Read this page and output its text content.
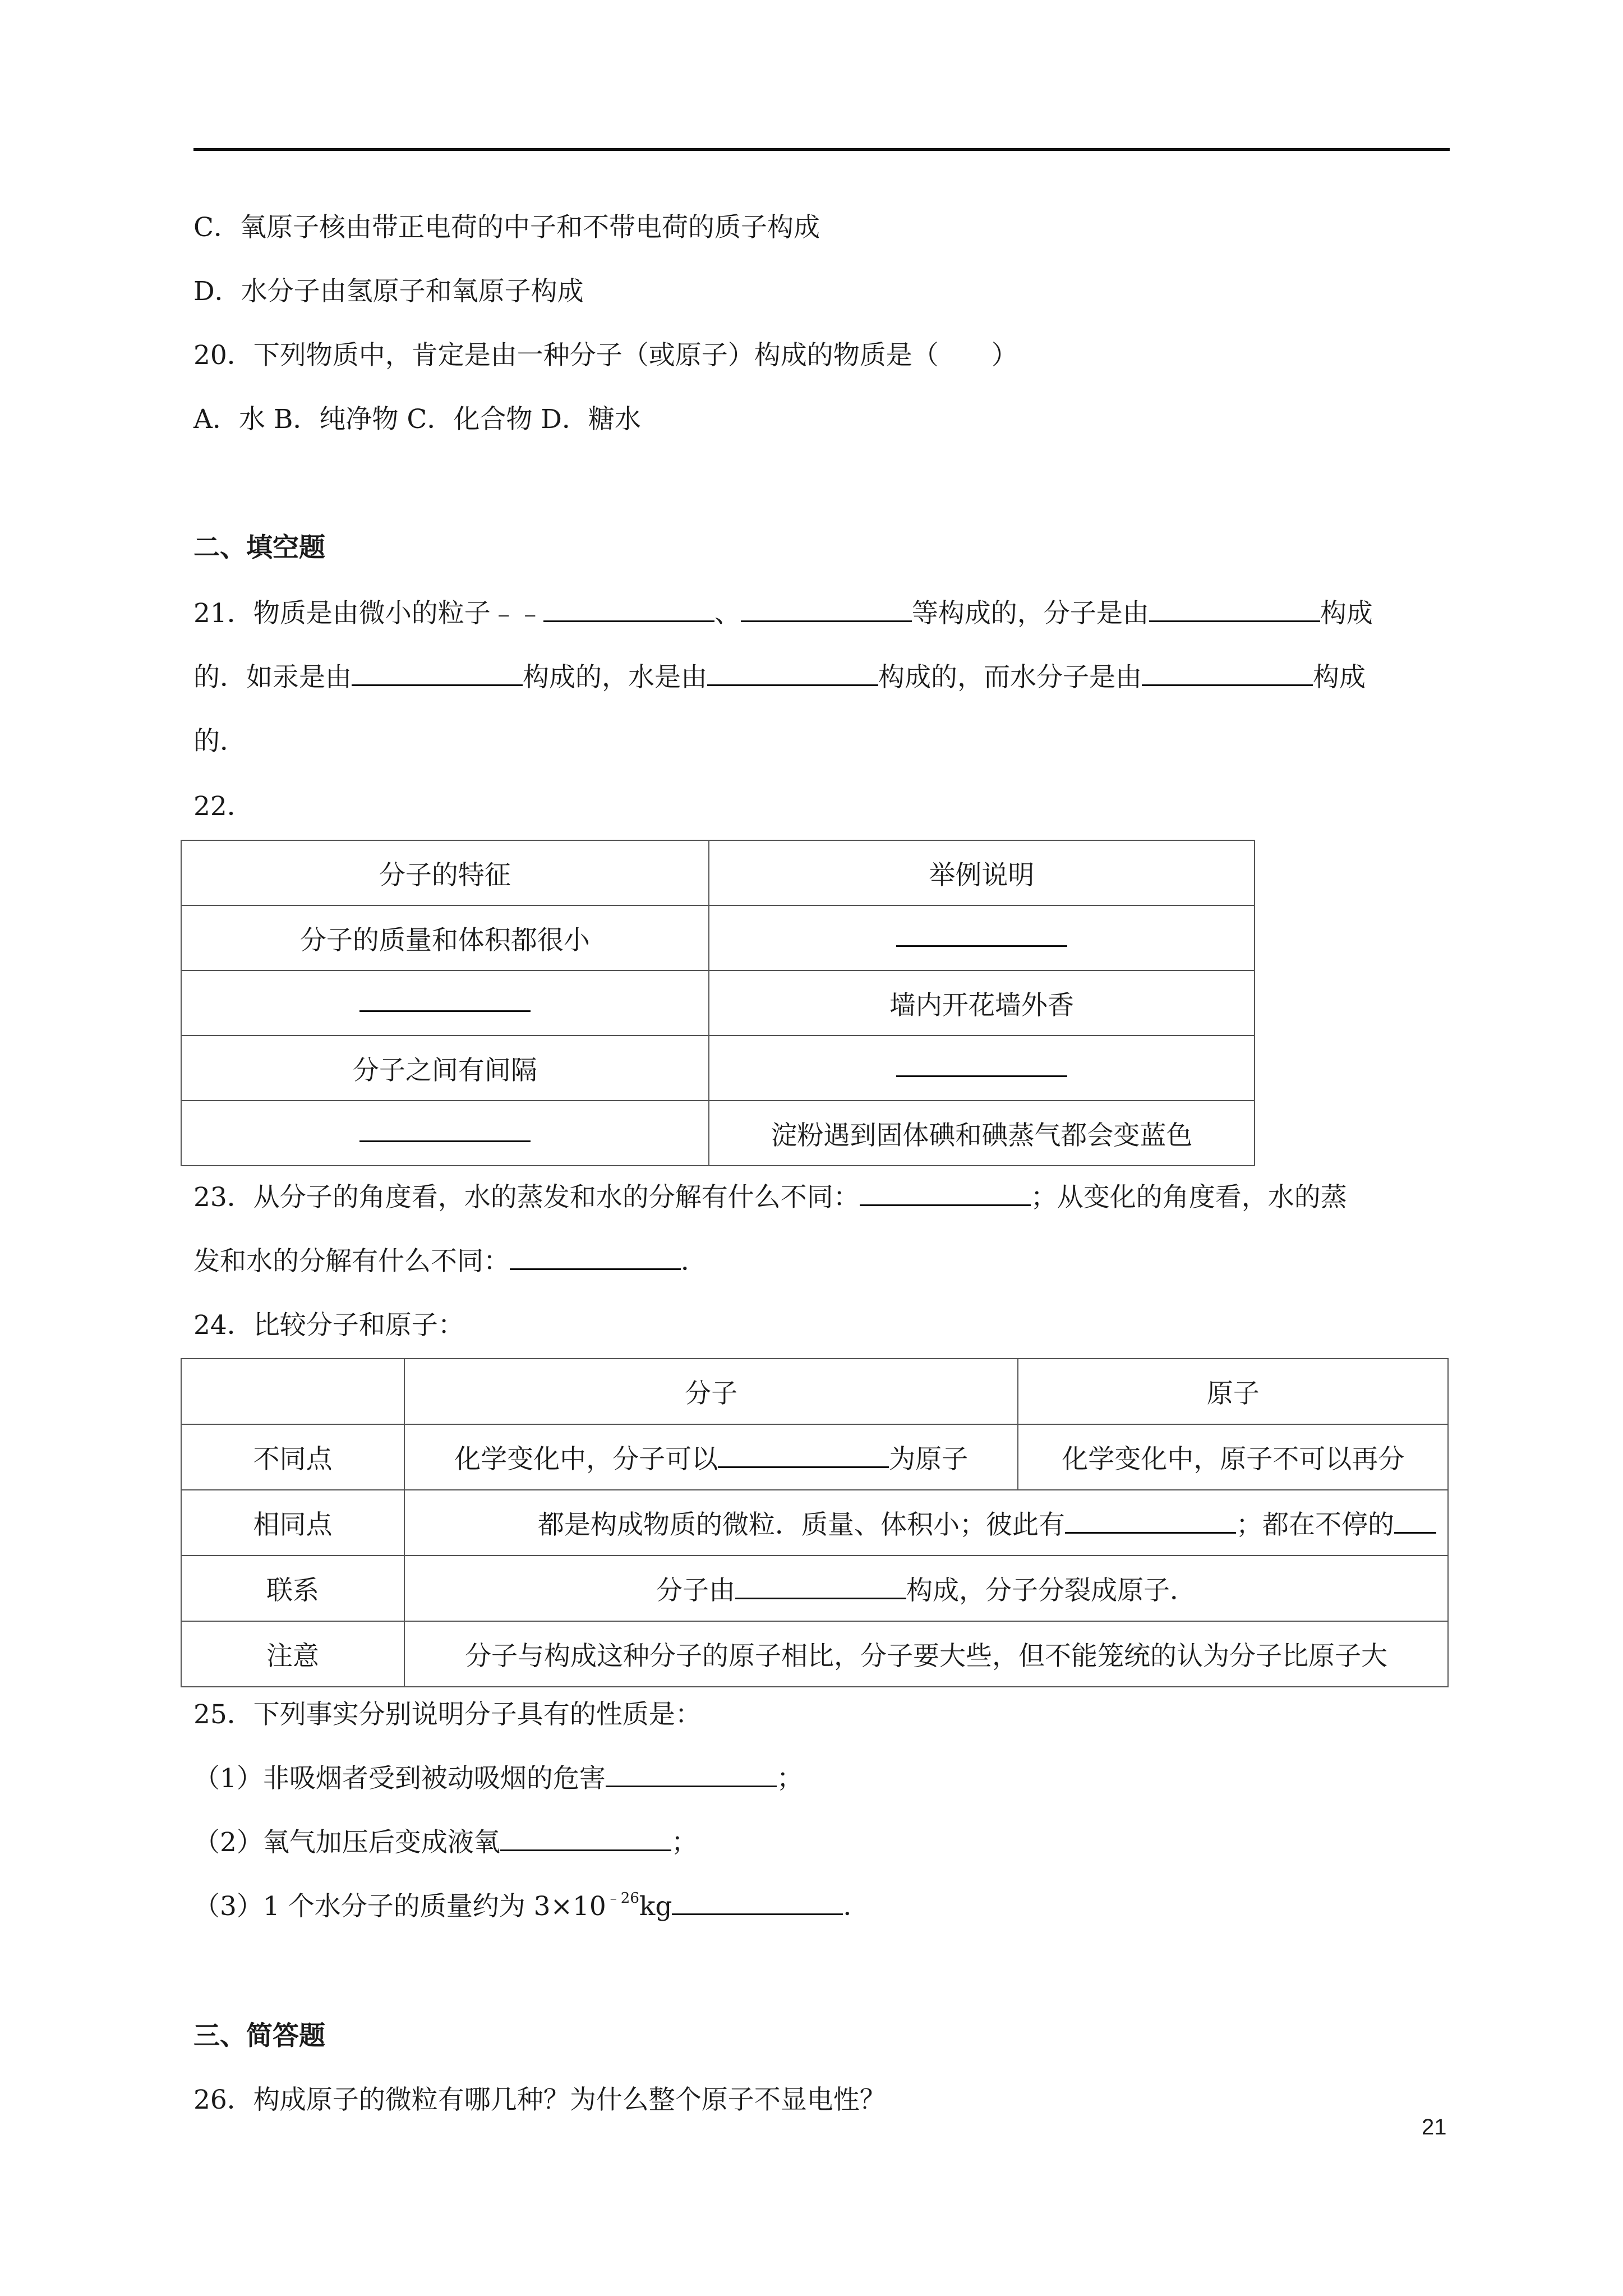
C．氧原子核由带正电荷的中子和不带电荷的质子构成
D．水分子由氢原子和氧原子构成
20．下列物质中，肯定是由一种分子（或原子）构成的物质是（　　）
A．水 B．纯净物 C．化合物 D．糖水
二、填空题
21．物质是由微小的粒子﹣﹣	、	等构成的，分子是由	构成
的．如汞是由	构成的，水是由	构成的，而水分子是由	构成
的．
22．
分子的特征	举例说明
分子的质量和体积都很小	
	墙内开花墙外香
分子之间有间隔	
	淀粉遇到固体碘和碘蒸气都会变蓝色
23．从分子的角度看，水的蒸发和水的分解有什么不同：	；从变化的角度看，水的蒸
发和水的分解有什么不同：	．
24．比较分子和原子：
	分子	原子
不同点	化学变化中，分子可以 为原子	化学变化中，原子不可以再分
相同点	都是构成物质的微粒．质量、体积小；彼此有 ；都在不停的	
联系	分子由 构成，分子分裂成原子．	
注意	分子与构成这种分子的原子相比，分子要大些，但不能笼统的认为分子比原子大	
25．下列事实分别说明分子具有的性质是：
（1）非吸烟者受到被动吸烟的危害	；
（2）氧气加压后变成液氧	；
（3）1 个水分子的质量约为 $3\times 10^{﹣26}kg$	．
三、简答题
26．构成原子的微粒有哪几种？为什么整个原子不显电性？
21
